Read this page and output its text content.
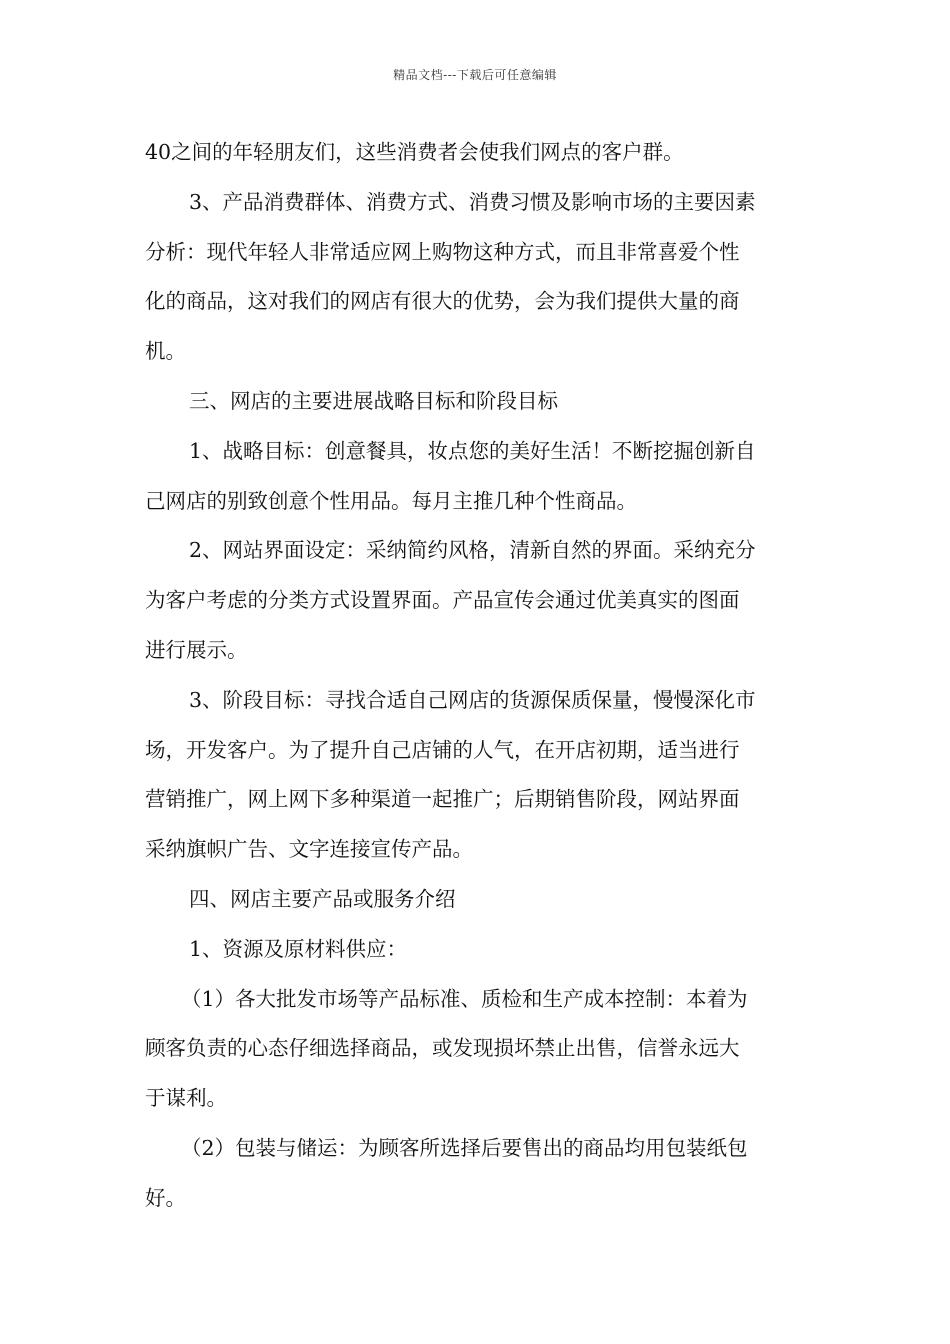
精品文档---下载后可任意编辑
40之间的年轻朋友们，这些消费者会使我们网点的客户群。
3、产品消费群体、消费方式、消费习惯及影响市场的主要因素
分析：现代年轻人非常适应网上购物这种方式，而且非常喜爱个性
化的商品，这对我们的网店有很大的优势，会为我们提供大量的商
机。
三、网店的主要进展战略目标和阶段目标
1、战略目标：创意餐具，妆点您的美好生活！不断挖掘创新自
己网店的别致创意个性用品。每月主推几种个性商品。
2、网站界面设定：采纳简约风格，清新自然的界面。采纳充分
为客户考虑的分类方式设置界面。产品宣传会通过优美真实的图面
进行展示。
3、阶段目标：寻找合适自己网店的货源保质保量，慢慢深化市
场，开发客户。为了提升自己店铺的人气，在开店初期，适当进行
营销推广，网上网下多种渠道一起推广；后期销售阶段，网站界面
采纳旗帜广告、文字连接宣传产品。
四、网店主要产品或服务介绍
1、资源及原材料供应：
（1）各大批发市场等产品标准、质检和生产成本控制：本着为
顾客负责的心态仔细选择商品，或发现损坏禁止出售，信誉永远大
于谋利。
（2）包装与储运：为顾客所选择后要售出的商品均用包装纸包
好。
